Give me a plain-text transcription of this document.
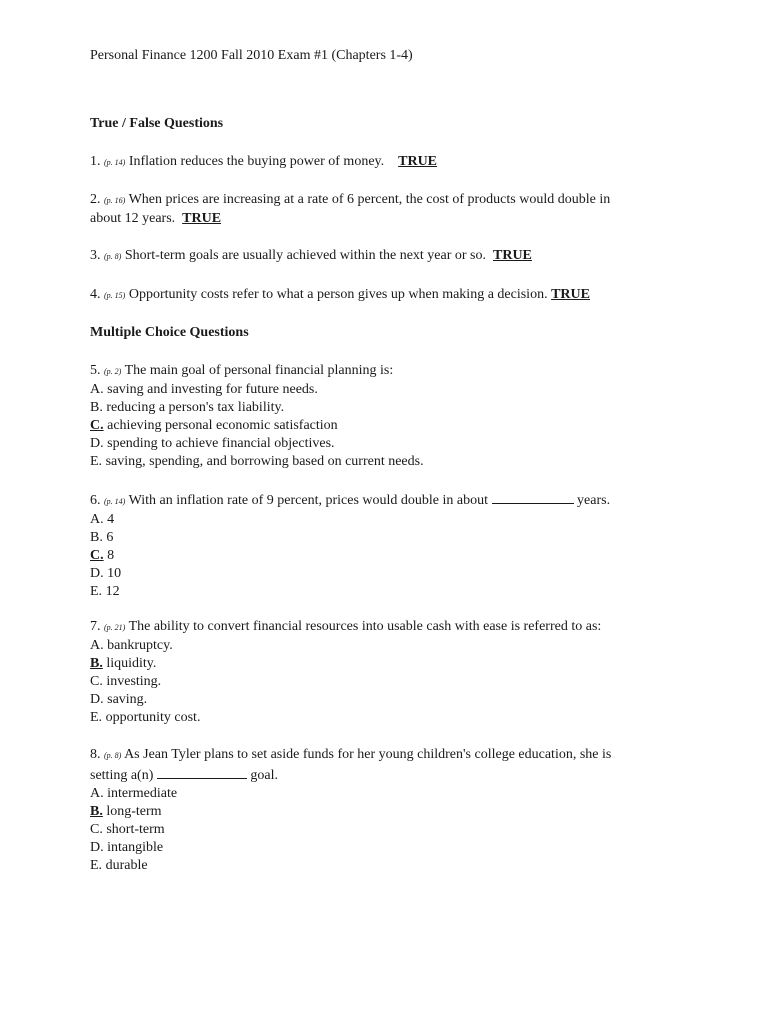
Personal Finance 1200 Fall 2010 Exam #1 (Chapters 1-4)
True / False Questions
1. (p. 14) Inflation reduces the buying power of money. TRUE
2. (p. 16) When prices are increasing at a rate of 6 percent, the cost of products would double in
about 12 years. TRUE
3. (p. 8) Short-term goals are usually achieved within the next year or so. TRUE
4. (p. 15) Opportunity costs refer to what a person gives up when making a decision. TRUE
Multiple Choice Questions
5. (p. 2) The main goal of personal financial planning is:
A. saving and investing for future needs.
B. reducing a person's tax liability.
C. achieving personal economic satisfaction
D. spending to achieve financial objectives.
E. saving, spending, and borrowing based on current needs.
6. (p. 14) With an inflation rate of 9 percent, prices would double in about	years.
A. 4
B. 6
C. 8
D. 10
E. 12
7. (p. 21) The ability to convert financial resources into usable cash with ease is referred to as:
A. bankruptcy.
B. liquidity.
C. investing.
D. saving.
E. opportunity cost.
8. (p. 8) As Jean Tyler plans to set aside funds for her young children's college education, she is
setting a(n)	goal.
A. intermediate
B. long-term
C. short-term
D. intangible
E. durable
